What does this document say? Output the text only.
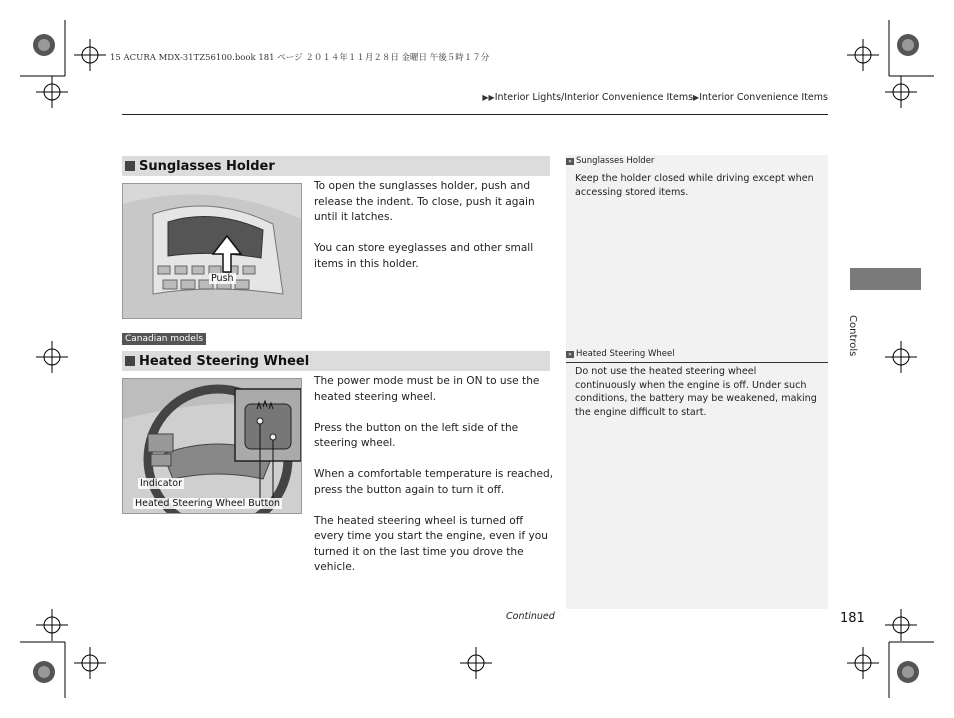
15 ACURA MDX-31TZ56100.book 181 ページ ２０１４年１１月２８日 金曜日 午後５時１７分
▶▶Interior Lights/Interior Convenience Items▶Interior Convenience Items
Sunglasses Holder
Push

To open the sunglasses holder, push and release the indent. To close, push it again until it latches.

You can store eyeglasses and other small items in this holder.

Canadian models
Heated Steering Wheel
Indicator
Heated Steering Wheel Button

The power mode must be in ON to use the heated steering wheel.

Press the button on the left side of the steering wheel.

When a comfortable temperature is reached, press the button again to turn it off.

The heated steering wheel is turned off every time you start the engine, even if you turned it on the last time you drove the vehicle.

» Sunglasses Holder
Keep the holder closed while driving except when accessing stored items.
» Heated Steering Wheel
Do not use the heated steering wheel continuously when the engine is off. Under such conditions, the battery may be weakened, making the engine difficult to start.
Controls
Continued	181
